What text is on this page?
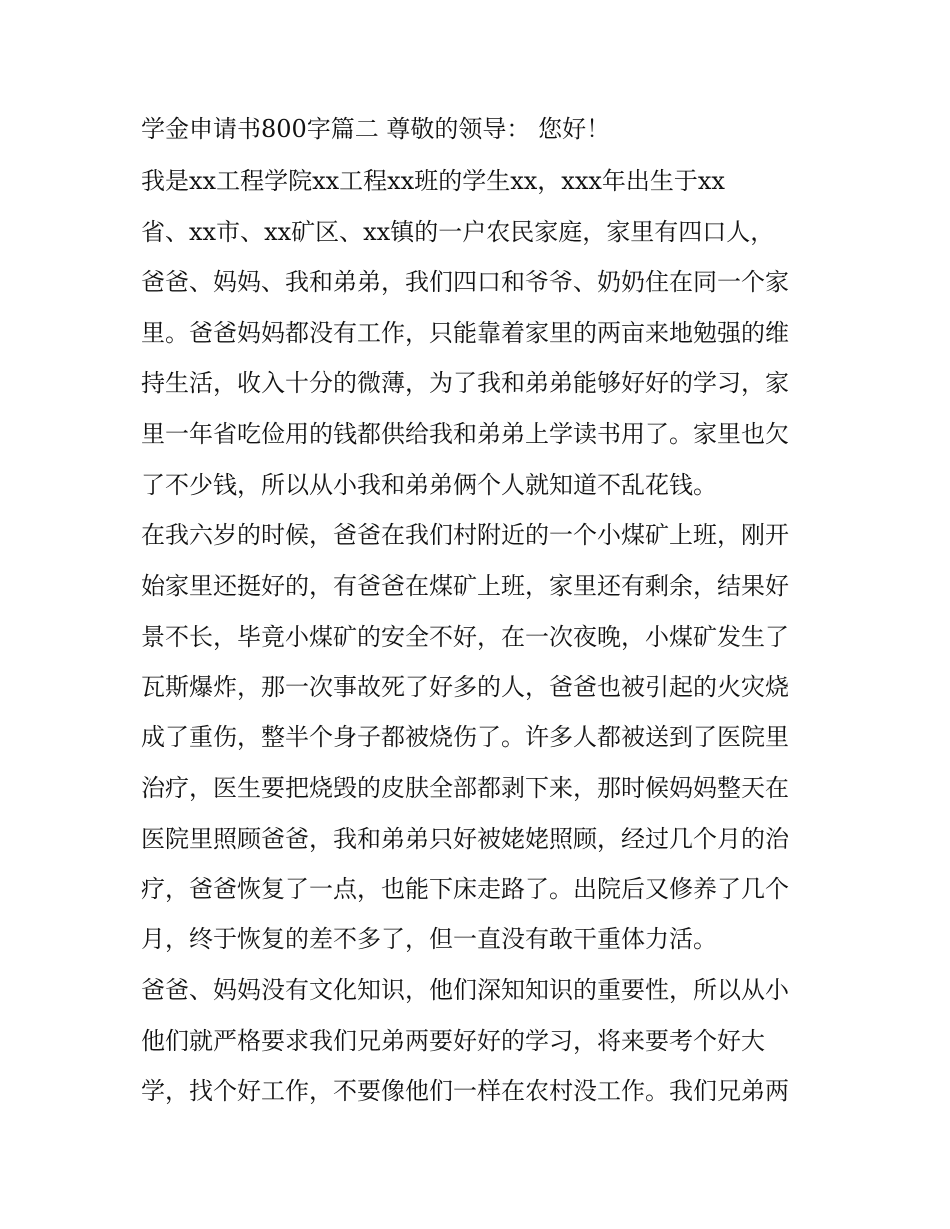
学金申请书800字篇二 尊敬的领导： 您好！
我是xx工程学院xx工程xx班的学生xx，xxx年出生于xx
省、xx市、xx矿区、xx镇的一户农民家庭，家里有四口人，
爸爸、妈妈、我和弟弟，我们四口和爷爷、奶奶住在同一个家
里。爸爸妈妈都没有工作，只能靠着家里的两亩来地勉强的维
持生活，收入十分的微薄，为了我和弟弟能够好好的学习，家
里一年省吃俭用的钱都供给我和弟弟上学读书用了。家里也欠
了不少钱，所以从小我和弟弟俩个人就知道不乱花钱。
在我六岁的时候，爸爸在我们村附近的一个小煤矿上班，刚开
始家里还挺好的，有爸爸在煤矿上班，家里还有剩余，结果好
景不长，毕竟小煤矿的安全不好，在一次夜晚，小煤矿发生了
瓦斯爆炸，那一次事故死了好多的人，爸爸也被引起的火灾烧
成了重伤，整半个身子都被烧伤了。许多人都被送到了医院里
治疗，医生要把烧毁的皮肤全部都剥下来，那时候妈妈整天在
医院里照顾爸爸，我和弟弟只好被姥姥照顾，经过几个月的治
疗，爸爸恢复了一点，也能下床走路了。出院后又修养了几个
月，终于恢复的差不多了，但一直没有敢干重体力活。
爸爸、妈妈没有文化知识，他们深知知识的重要性，所以从小
他们就严格要求我们兄弟两要好好的学习，将来要考个好大
学，找个好工作，不要像他们一样在农村没工作。我们兄弟两
